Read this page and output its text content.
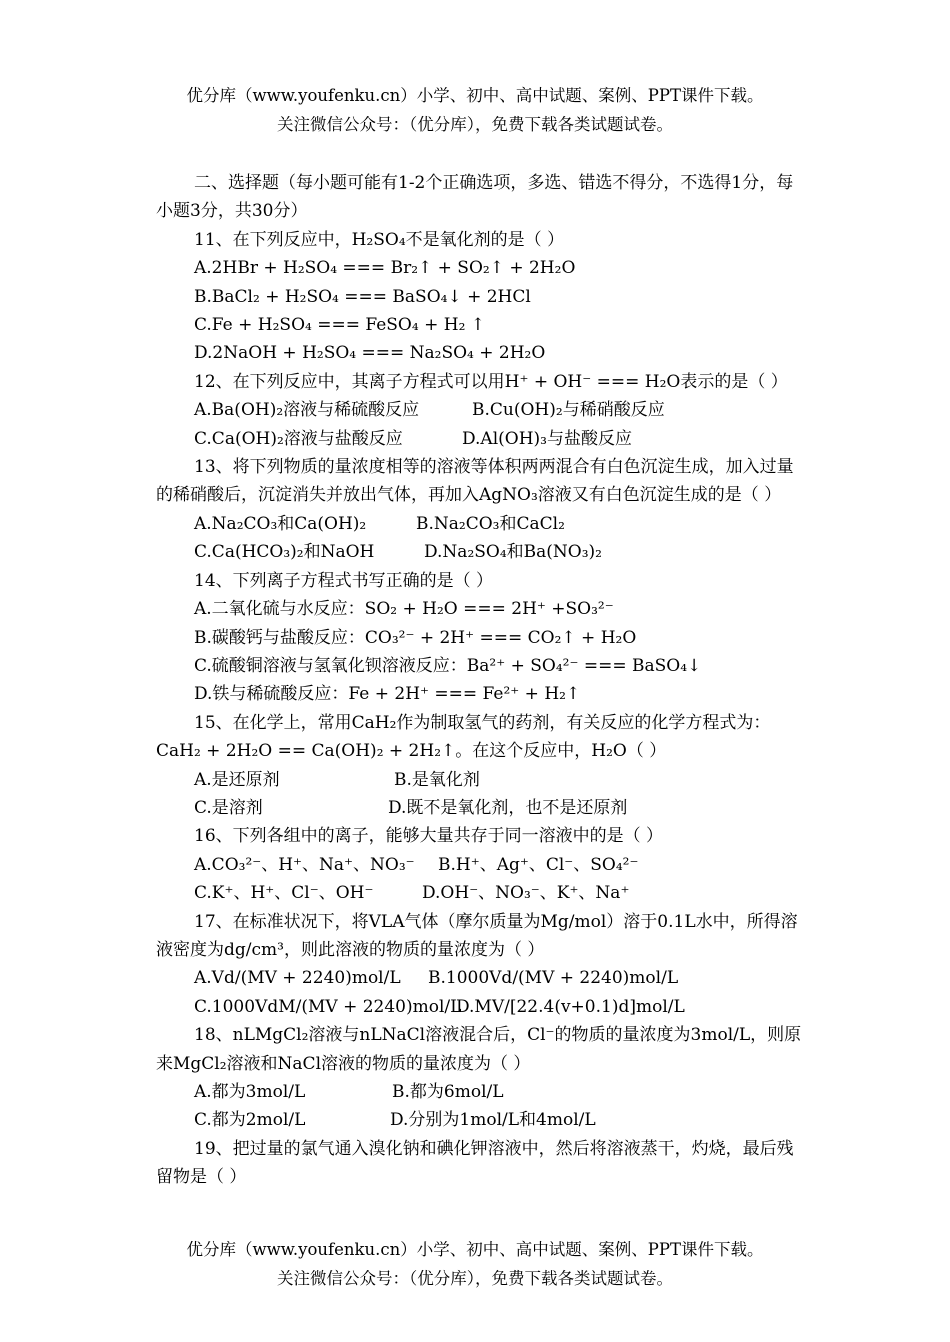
优分库（www.youfenku.cn）小学、初中、高中试题、案例、PPT课件下载。
关注微信公众号：（优分库），免费下载各类试题试卷。
二、选择题（每小题可能有1-2个正确选项，多选、错选不得分，不选得1分，每小题3分，共30分）
11、在下列反应中，H₂SO₄不是氧化剂的是（ ）
A.2HBr + H₂SO₄ === Br₂↑ + SO₂↑ + 2H₂O
B.BaCl₂ + H₂SO₄ === BaSO₄↓ + 2HCl
C.Fe + H₂SO₄ === FeSO₄ + H₂ ↑
D.2NaOH + H₂SO₄ === Na₂SO₄ + 2H₂O
12、在下列反应中，其离子方程式可以用H⁺ + OH⁻ === H₂O表示的是（ ）
A.Ba(OH)₂溶液与稀硫酸反应	B.Cu(OH)₂与稀硝酸反应
C.Ca(OH)₂溶液与盐酸反应	D.Al(OH)₃与盐酸反应
13、将下列物质的量浓度相等的溶液等体积两两混合有白色沉淀生成，加入过量的稀硝酸后，沉淀消失并放出气体，再加入AgNO₃溶液又有白色沉淀生成的是（ ）
A.Na₂CO₃和Ca(OH)₂	B.Na₂CO₃和CaCl₂
C.Ca(HCO₃)₂和NaOH	D.Na₂SO₄和Ba(NO₃)₂
14、下列离子方程式书写正确的是（ ）
A.二氧化硫与水反应：SO₂ + H₂O === 2H⁺ +SO₃²⁻
B.碳酸钙与盐酸反应：CO₃²⁻ + 2H⁺ === CO₂↑ + H₂O
C.硫酸铜溶液与氢氧化钡溶液反应：Ba²⁺ + SO₄²⁻ === BaSO₄↓
D.铁与稀硫酸反应：Fe + 2H⁺ === Fe²⁺ + H₂↑
15、在化学上，常用CaH₂作为制取氢气的药剂，有关反应的化学方程式为：CaH₂ + 2H₂O == Ca(OH)₂ + 2H₂↑。在这个反应中，H₂O（ ）
A.是还原剂	B.是氧化剂
C.是溶剂	D.既不是氧化剂，也不是还原剂
16、下列各组中的离子，能够大量共存于同一溶液中的是（ ）
A.CO₃²⁻、H⁺、Na⁺、NO₃⁻ B.H⁺、Ag⁺、Cl⁻、SO₄²⁻
C.K⁺、H⁺、Cl⁻、OH⁻	D.OH⁻、NO₃⁻、K⁺、Na⁺
17、在标准状况下，将VLA气体（摩尔质量为Mg/mol）溶于0.1L水中，所得溶液密度为dg/cm³，则此溶液的物质的量浓度为（ ）
A.Vd/(MV + 2240)mol/L B.1000Vd/(MV + 2240)mol/L
C.1000VdM/(MV + 2240)mol/LD.MV/[22.4(v+0.1)d]mol/L
18、nLMgCl₂溶液与nLNaCl溶液混合后，Cl⁻的物质的量浓度为3mol/L，则原来MgCl₂溶液和NaCl溶液的物质的量浓度为（ ）
A.都为3mol/L	B.都为6mol/L
C.都为2mol/L	D.分别为1mol/L和4mol/L
19、把过量的氯气通入溴化钠和碘化钾溶液中，然后将溶液蒸干，灼烧，最后残留物是（ ）
优分库（www.youfenku.cn）小学、初中、高中试题、案例、PPT课件下载。
关注微信公众号：（优分库），免费下载各类试题试卷。
